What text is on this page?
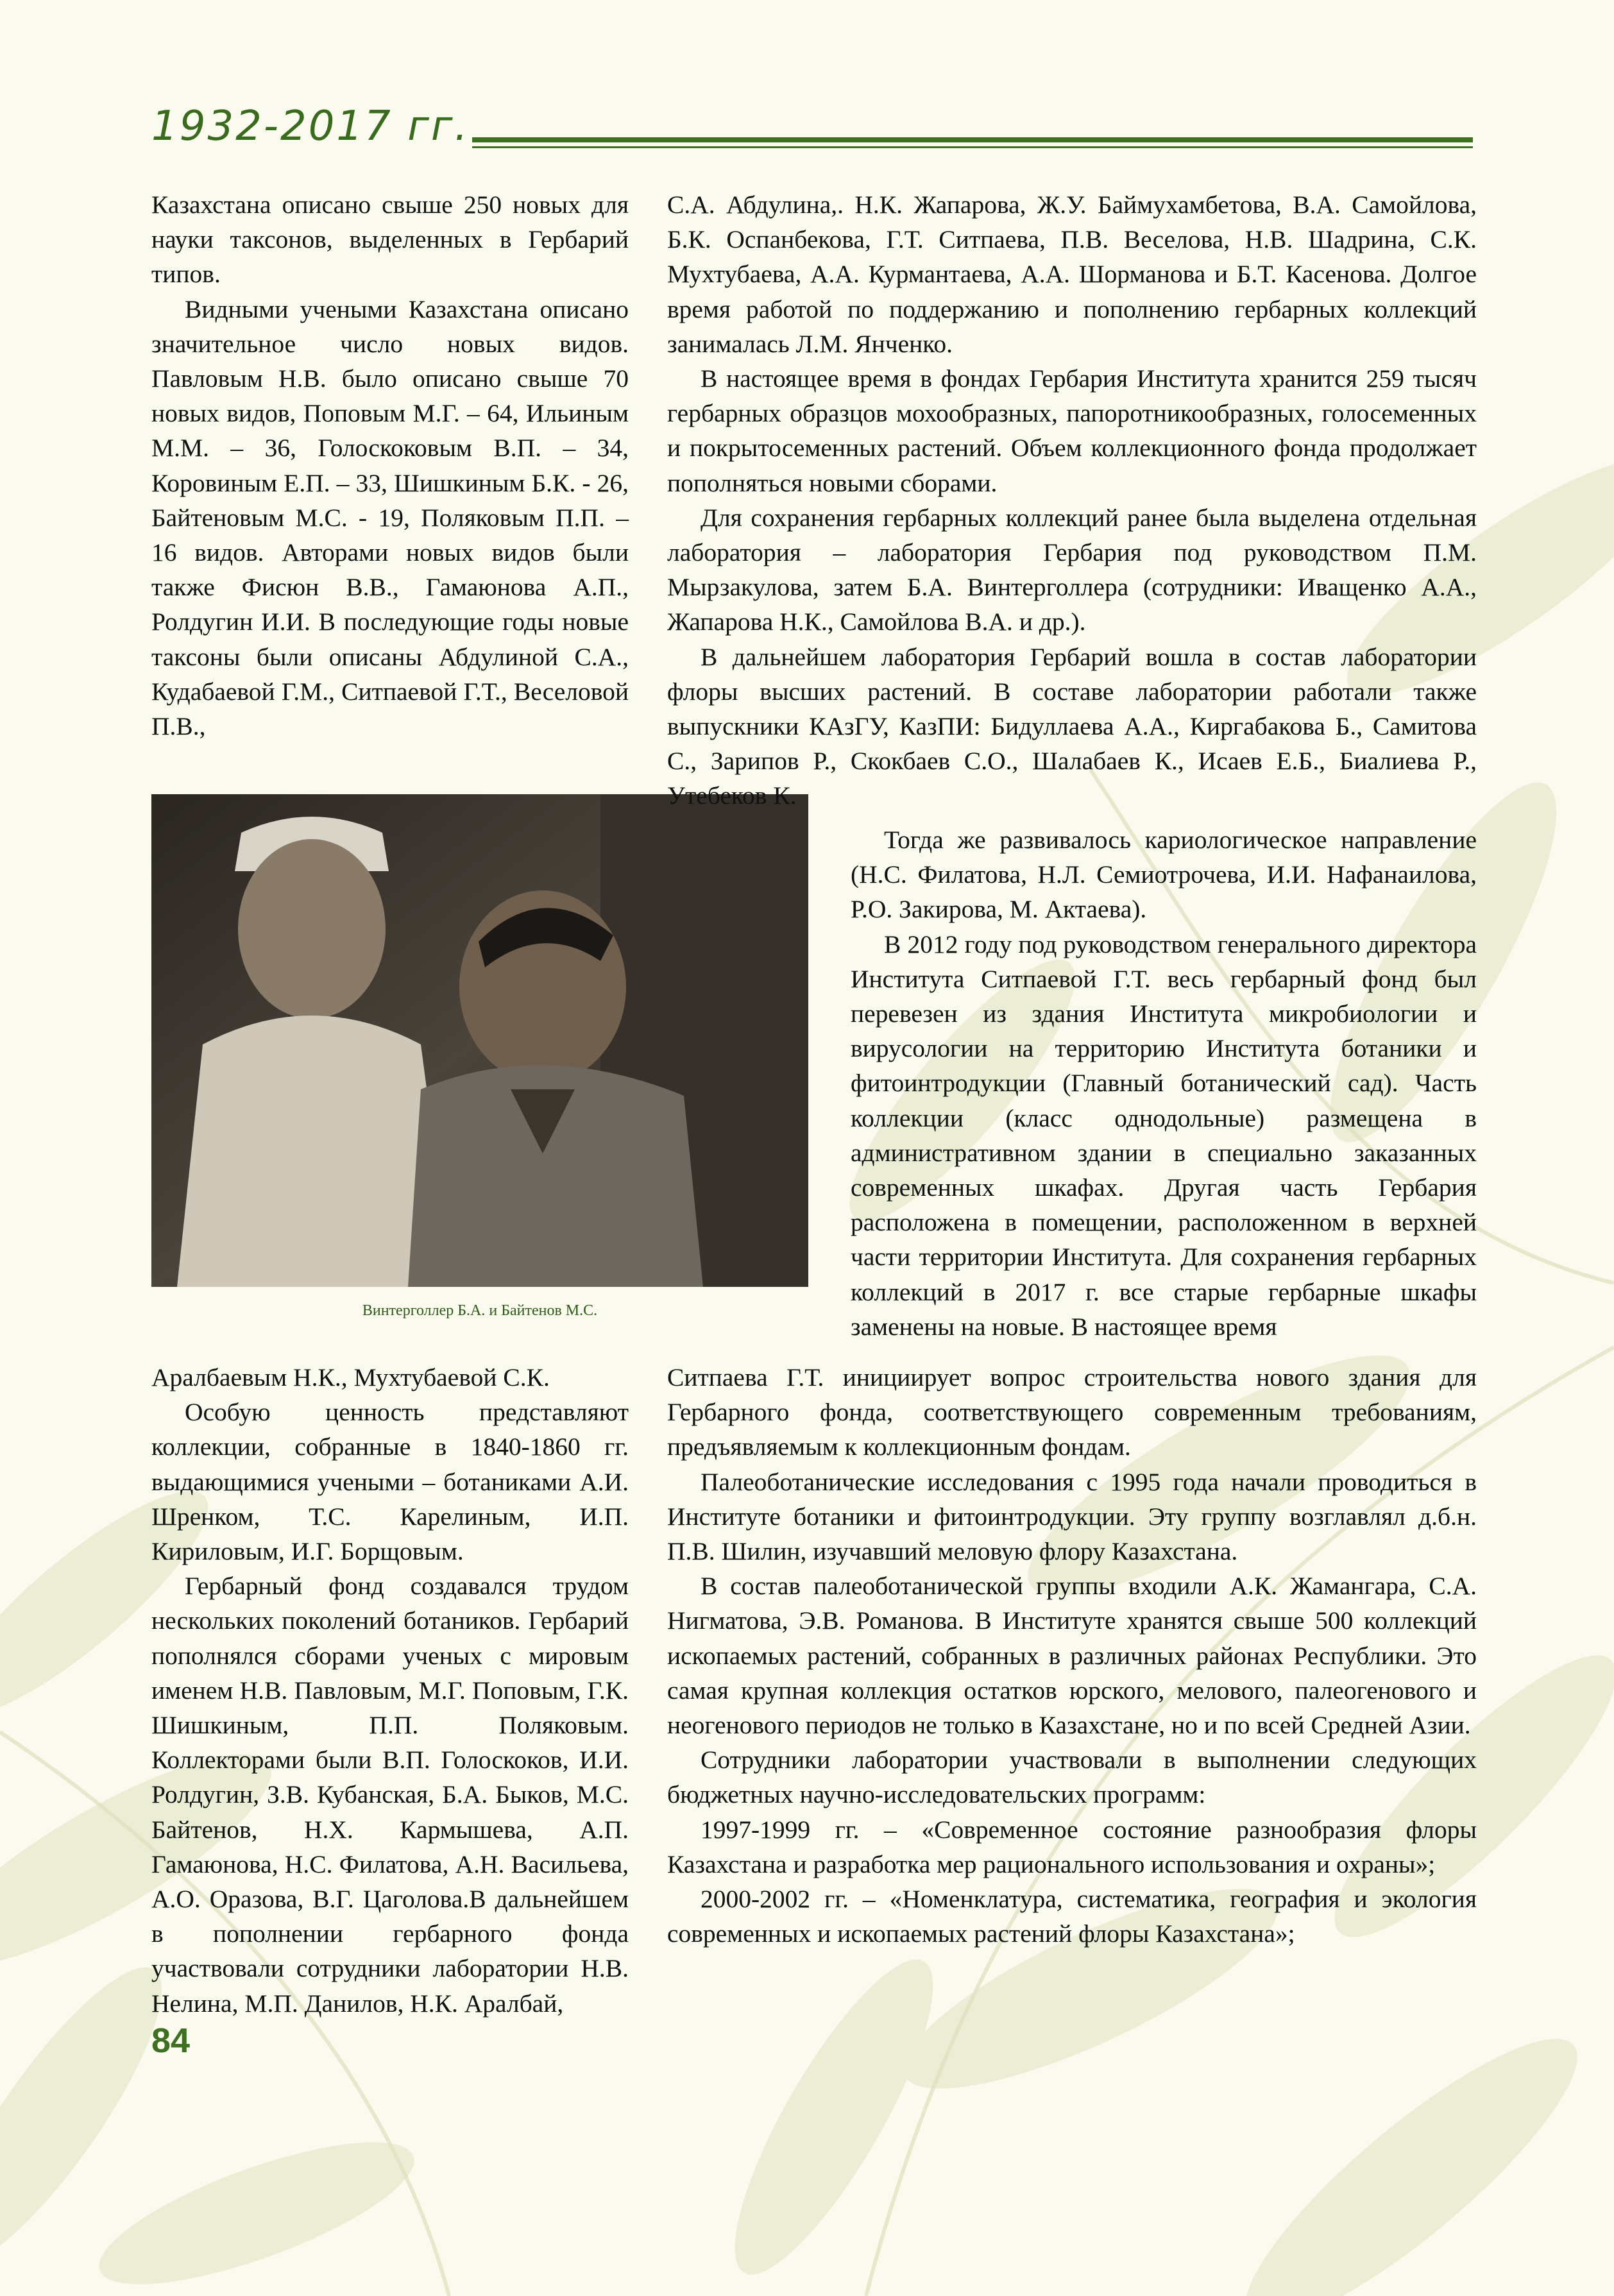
1932-2017 гг.

Казахстана описано свыше 250 новых для науки таксонов, выделенных в Гербарий типов.

Видными учеными Казахстана описано значительное число новых видов. Павловым Н.В. было описано свыше 70 новых видов, Поповым М.Г. – 64, Ильиным М.М. – 36, Голоскоковым В.П. – 34, Коровиным Е.П. – 33, Шишкиным Б.К. - 26, Байтеновым М.С. - 19, Поляковым П.П. – 16 видов. Авторами новых видов были также Фисюн В.В., Гамаюнова А.П., Ролдугин И.И. В последующие годы новые таксоны были описаны Абдулиной С.А., Кудабаевой Г.М., Ситпаевой Г.Т., Веселовой П.В.,

Винтерголлер Б.А. и Байтенов М.С.

Аралбаевым Н.К., Мухтубаевой С.К.

Особую ценность представляют коллекции, собранные в 1840-1860 гг. выдающимися учеными – ботаниками А.И. Шренком, Т.С. Карелиным, И.П. Кириловым, И.Г. Борщовым.

Гербарный фонд создавался трудом нескольких поколений ботаников. Гербарий пополнялся сборами ученых с мировым именем Н.В. Павловым, М.Г. Поповым, Г.К. Шишкиным, П.П. Поляковым. Коллекторами были В.П. Голоскоков, И.И. Ролдугин, З.В. Кубанская, Б.А. Быков, М.С. Байтенов, Н.Х. Кармышева, А.П. Гамаюнова, Н.С. Филатова, А.Н. Васильева, А.О. Оразова, В.Г. Цаголова.В дальнейшем в пополнении гербарного фонда участвовали сотрудники лаборатории Н.В. Нелина, М.П. Данилов, Н.К. Аралбай,

С.А. Абдулина,. Н.К. Жапарова, Ж.У. Баймухамбетова, В.А. Самойлова, Б.К. Оспанбекова, Г.Т. Ситпаева, П.В. Веселова, Н.В. Шадрина, С.К. Мухтубаева, А.А. Курмантаева, А.А. Шорманова и Б.Т. Касенова. Долгое время работой по поддержанию и пополнению гербарных коллекций занималась Л.М. Янченко.

В настоящее время в фондах Гербария Института хранится 259 тысяч гербарных образцов мохообразных, папоротникообразных, голосеменных и покрытосеменных растений. Объем коллекционного фонда продолжает пополняться новыми сборами.

Для сохранения гербарных коллекций ранее была выделена отдельная лаборатория – лаборатория Гербария под руководством П.М. Мырзакулова, затем Б.А. Винтерголлера (сотрудники: Иващенко А.А., Жапарова Н.К., Самойлова В.А. и др.).

В дальнейшем лаборатория Гербарий вошла в состав лаборатории флоры высших растений. В составе лаборатории работали также выпускники КАзГУ, КазПИ: Бидуллаева А.А., Киргабакова Б., Самитова С., Зарипов Р., Скокбаев С.О., Шалабаев К., Исаев Е.Б., Биалиева Р., Утебеков К.

Тогда же развивалось кариологическое направление (Н.С. Филатова, Н.Л. Семиотрочева, И.И. Нафанаилова, Р.О. Закирова, М. Актаева).

В 2012 году под руководством генерального директора Института Ситпаевой Г.Т. весь гербарный фонд был перевезен из здания Института микробиологии и вирусологии на территорию Института ботаники и фитоинтродукции (Главный ботанический сад). Часть коллекции (класс однодольные) размещена в административном здании в специально заказанных современных шкафах. Другая часть Гербария расположена в помещении, расположенном в верхней части территории Института. Для сохранения гербарных коллекций в 2017 г. все старые гербарные шкафы заменены на новые. В настоящее время

Ситпаева Г.Т. инициирует вопрос строительства нового здания для Гербарного фонда, соответствующего современным требованиям, предъявляемым к коллекционным фондам.

Палеоботанические исследования с 1995 года начали проводиться в Институте ботаники и фитоинтродукции. Эту группу возглавлял д.б.н. П.В. Шилин, изучавший меловую флору Казахстана.

В состав палеоботанической группы входили А.К. Жамангара, С.А. Нигматова, Э.В. Романова. В Институте хранятся свыше 500 коллекций ископаемых растений, собранных в различных районах Республики. Это самая крупная коллекция остатков юрского, мелового, палеогенового и неогенового периодов не только в Казахстане, но и по всей Средней Азии.

Сотрудники лаборатории участвовали в выполнении следующих бюджетных научно-исследовательских программ:

1997-1999 гг. – «Современное состояние разнообразия флоры Казахстана и разработка мер рационального использования и охраны»;

2000-2002 гг. – «Номенклатура, систематика, география и экология современных и ископаемых растений флоры Казахстана»;

84
